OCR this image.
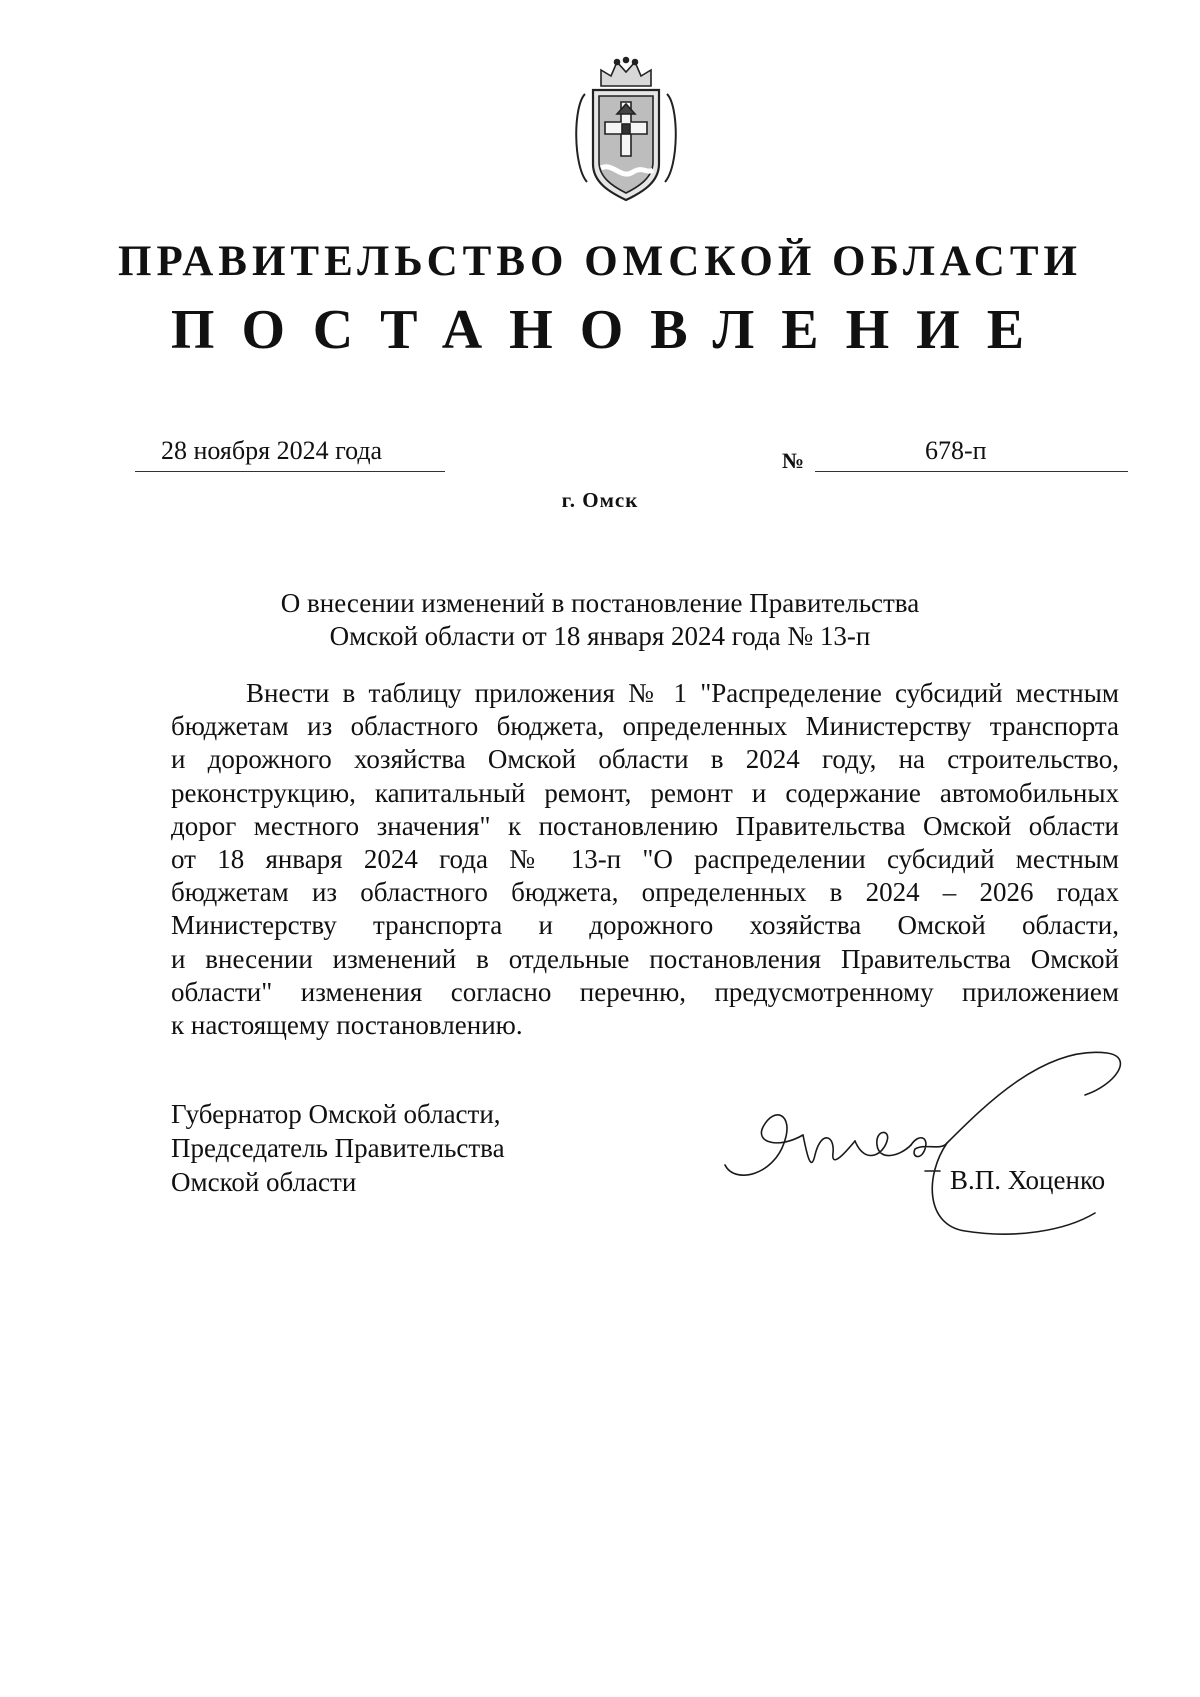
ПРАВИТЕЛЬСТВО ОМСКОЙ ОБЛАСТИ
ПОСТАНОВЛЕНИЕ
28 ноября 2024 года	№	678-п
г. Омск
О внесении изменений в постановление Правительства
Омской области от 18 января 2024 года № 13-п
Внести в таблицу приложения № 1 "Распределение субсидий местным
бюджетам из областного бюджета, определенных Министерству транспорта
и дорожного хозяйства Омской области в 2024 году, на строительство,
реконструкцию, капитальный ремонт, ремонт и содержание автомобильных
дорог местного значения" к постановлению Правительства Омской области
от 18 января 2024 года № 13-п "О распределении субсидий местным
бюджетам из областного бюджета, определенных в 2024 – 2026 годах
Министерству транспорта и дорожного хозяйства Омской области,
и внесении изменений в отдельные постановления Правительства Омской
области" изменения согласно перечню, предусмотренному приложением
к настоящему постановлению.
Губернатор Омской области,
Председатель Правительства
Омской области	В.П. Хоценко
